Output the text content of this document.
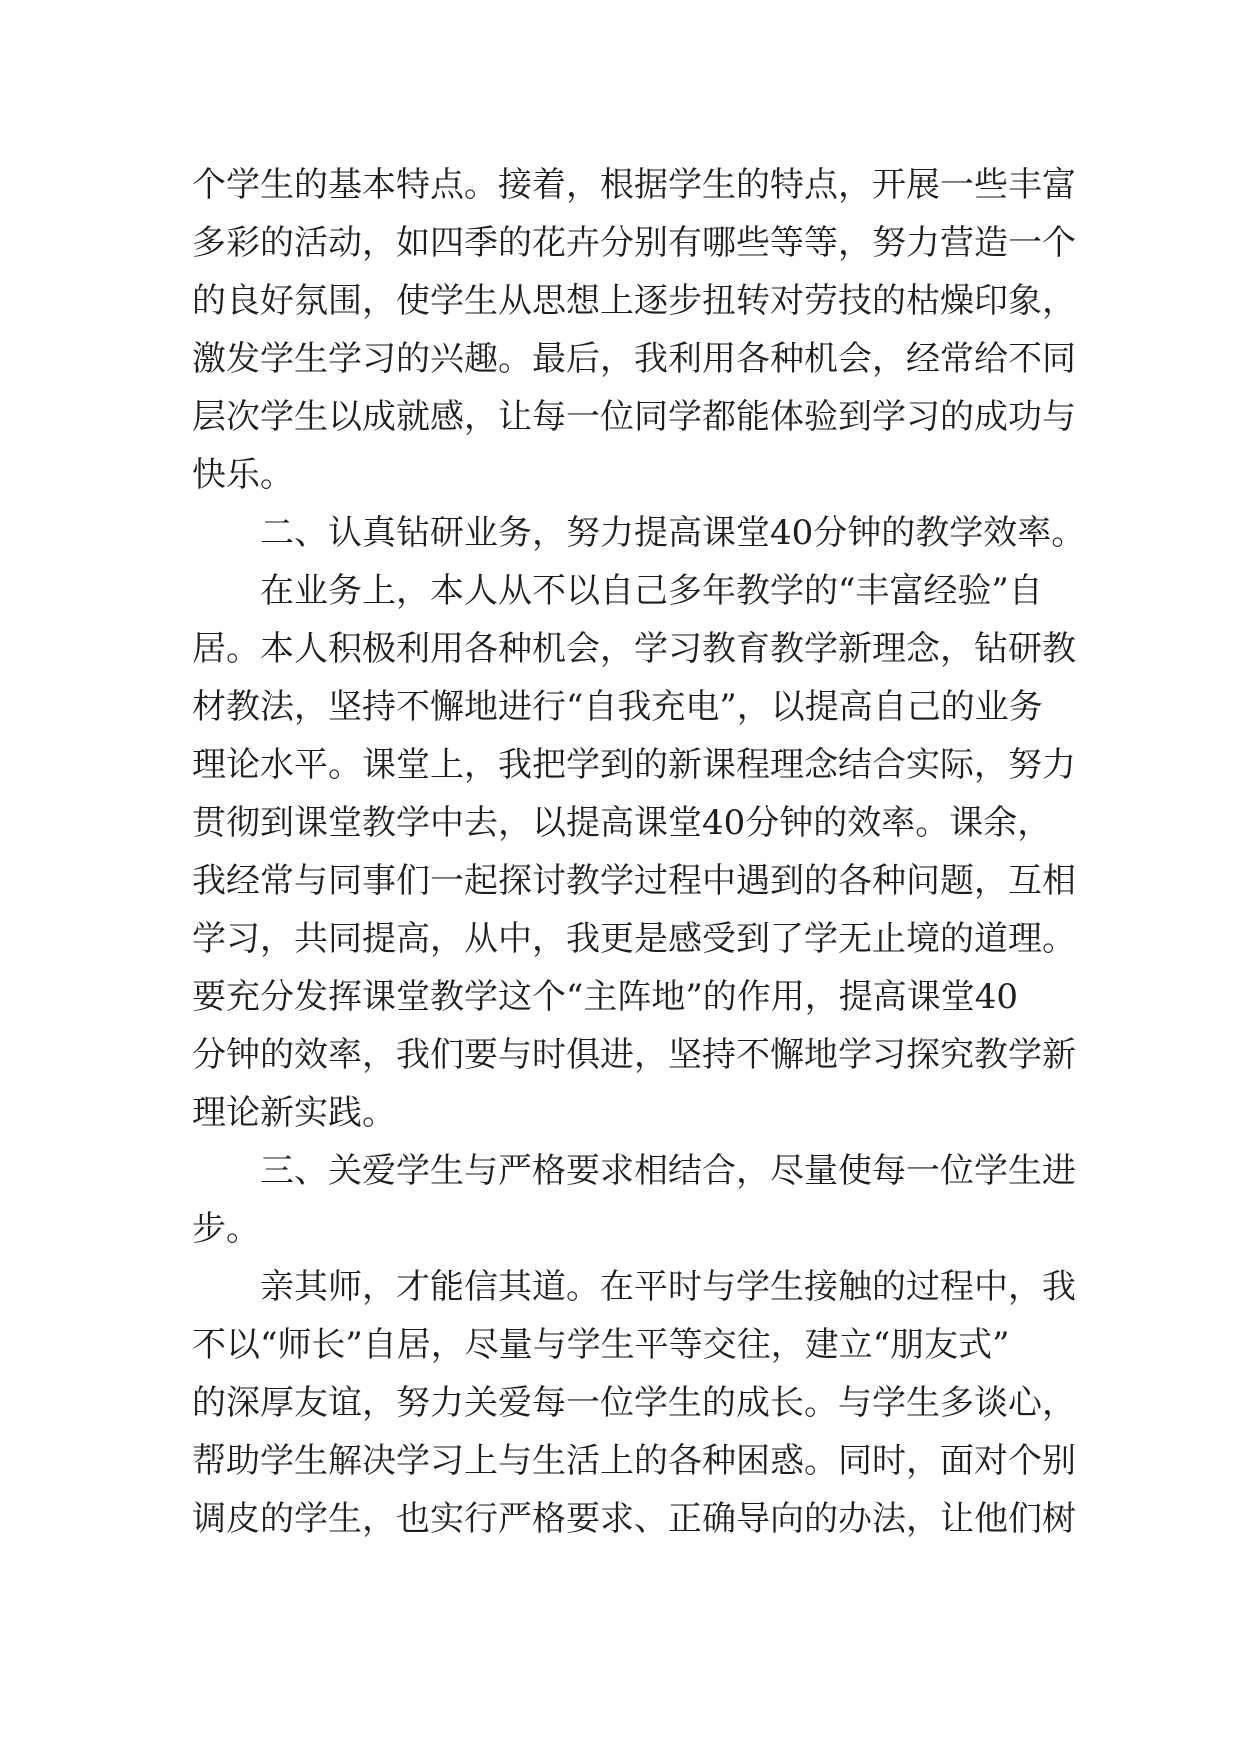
个学生的基本特点。接着，根据学生的特点，开展一些丰富
多彩的活动，如四季的花卉分别有哪些等等，努力营造一个
的良好氛围，使学生从思想上逐步扭转对劳技的枯燥印象，
激发学生学习的兴趣。最后，我利用各种机会，经常给不同
层次学生以成就感，让每一位同学都能体验到学习的成功与
快乐。
　　二、认真钻研业务，努力提高课堂40分钟的教学效率。
　　在业务上，本人从不以自己多年教学的“丰富经验”自
居。本人积极利用各种机会，学习教育教学新理念，钻研教
材教法，坚持不懈地进行“自我充电”，以提高自己的业务
理论水平。课堂上，我把学到的新课程理念结合实际，努力
贯彻到课堂教学中去，以提高课堂40分钟的效率。课余，
我经常与同事们一起探讨教学过程中遇到的各种问题，互相
学习，共同提高，从中，我更是感受到了学无止境的道理。
要充分发挥课堂教学这个“主阵地”的作用，提高课堂40
分钟的效率，我们要与时俱进，坚持不懈地学习探究教学新
理论新实践。
　　三、关爱学生与严格要求相结合，尽量使每一位学生进
步。
　　亲其师，才能信其道。在平时与学生接触的过程中，我
不以“师长”自居，尽量与学生平等交往，建立“朋友式”
的深厚友谊，努力关爱每一位学生的成长。与学生多谈心，
帮助学生解决学习上与生活上的各种困惑。同时，面对个别
调皮的学生，也实行严格要求、正确导向的办法，让他们树
